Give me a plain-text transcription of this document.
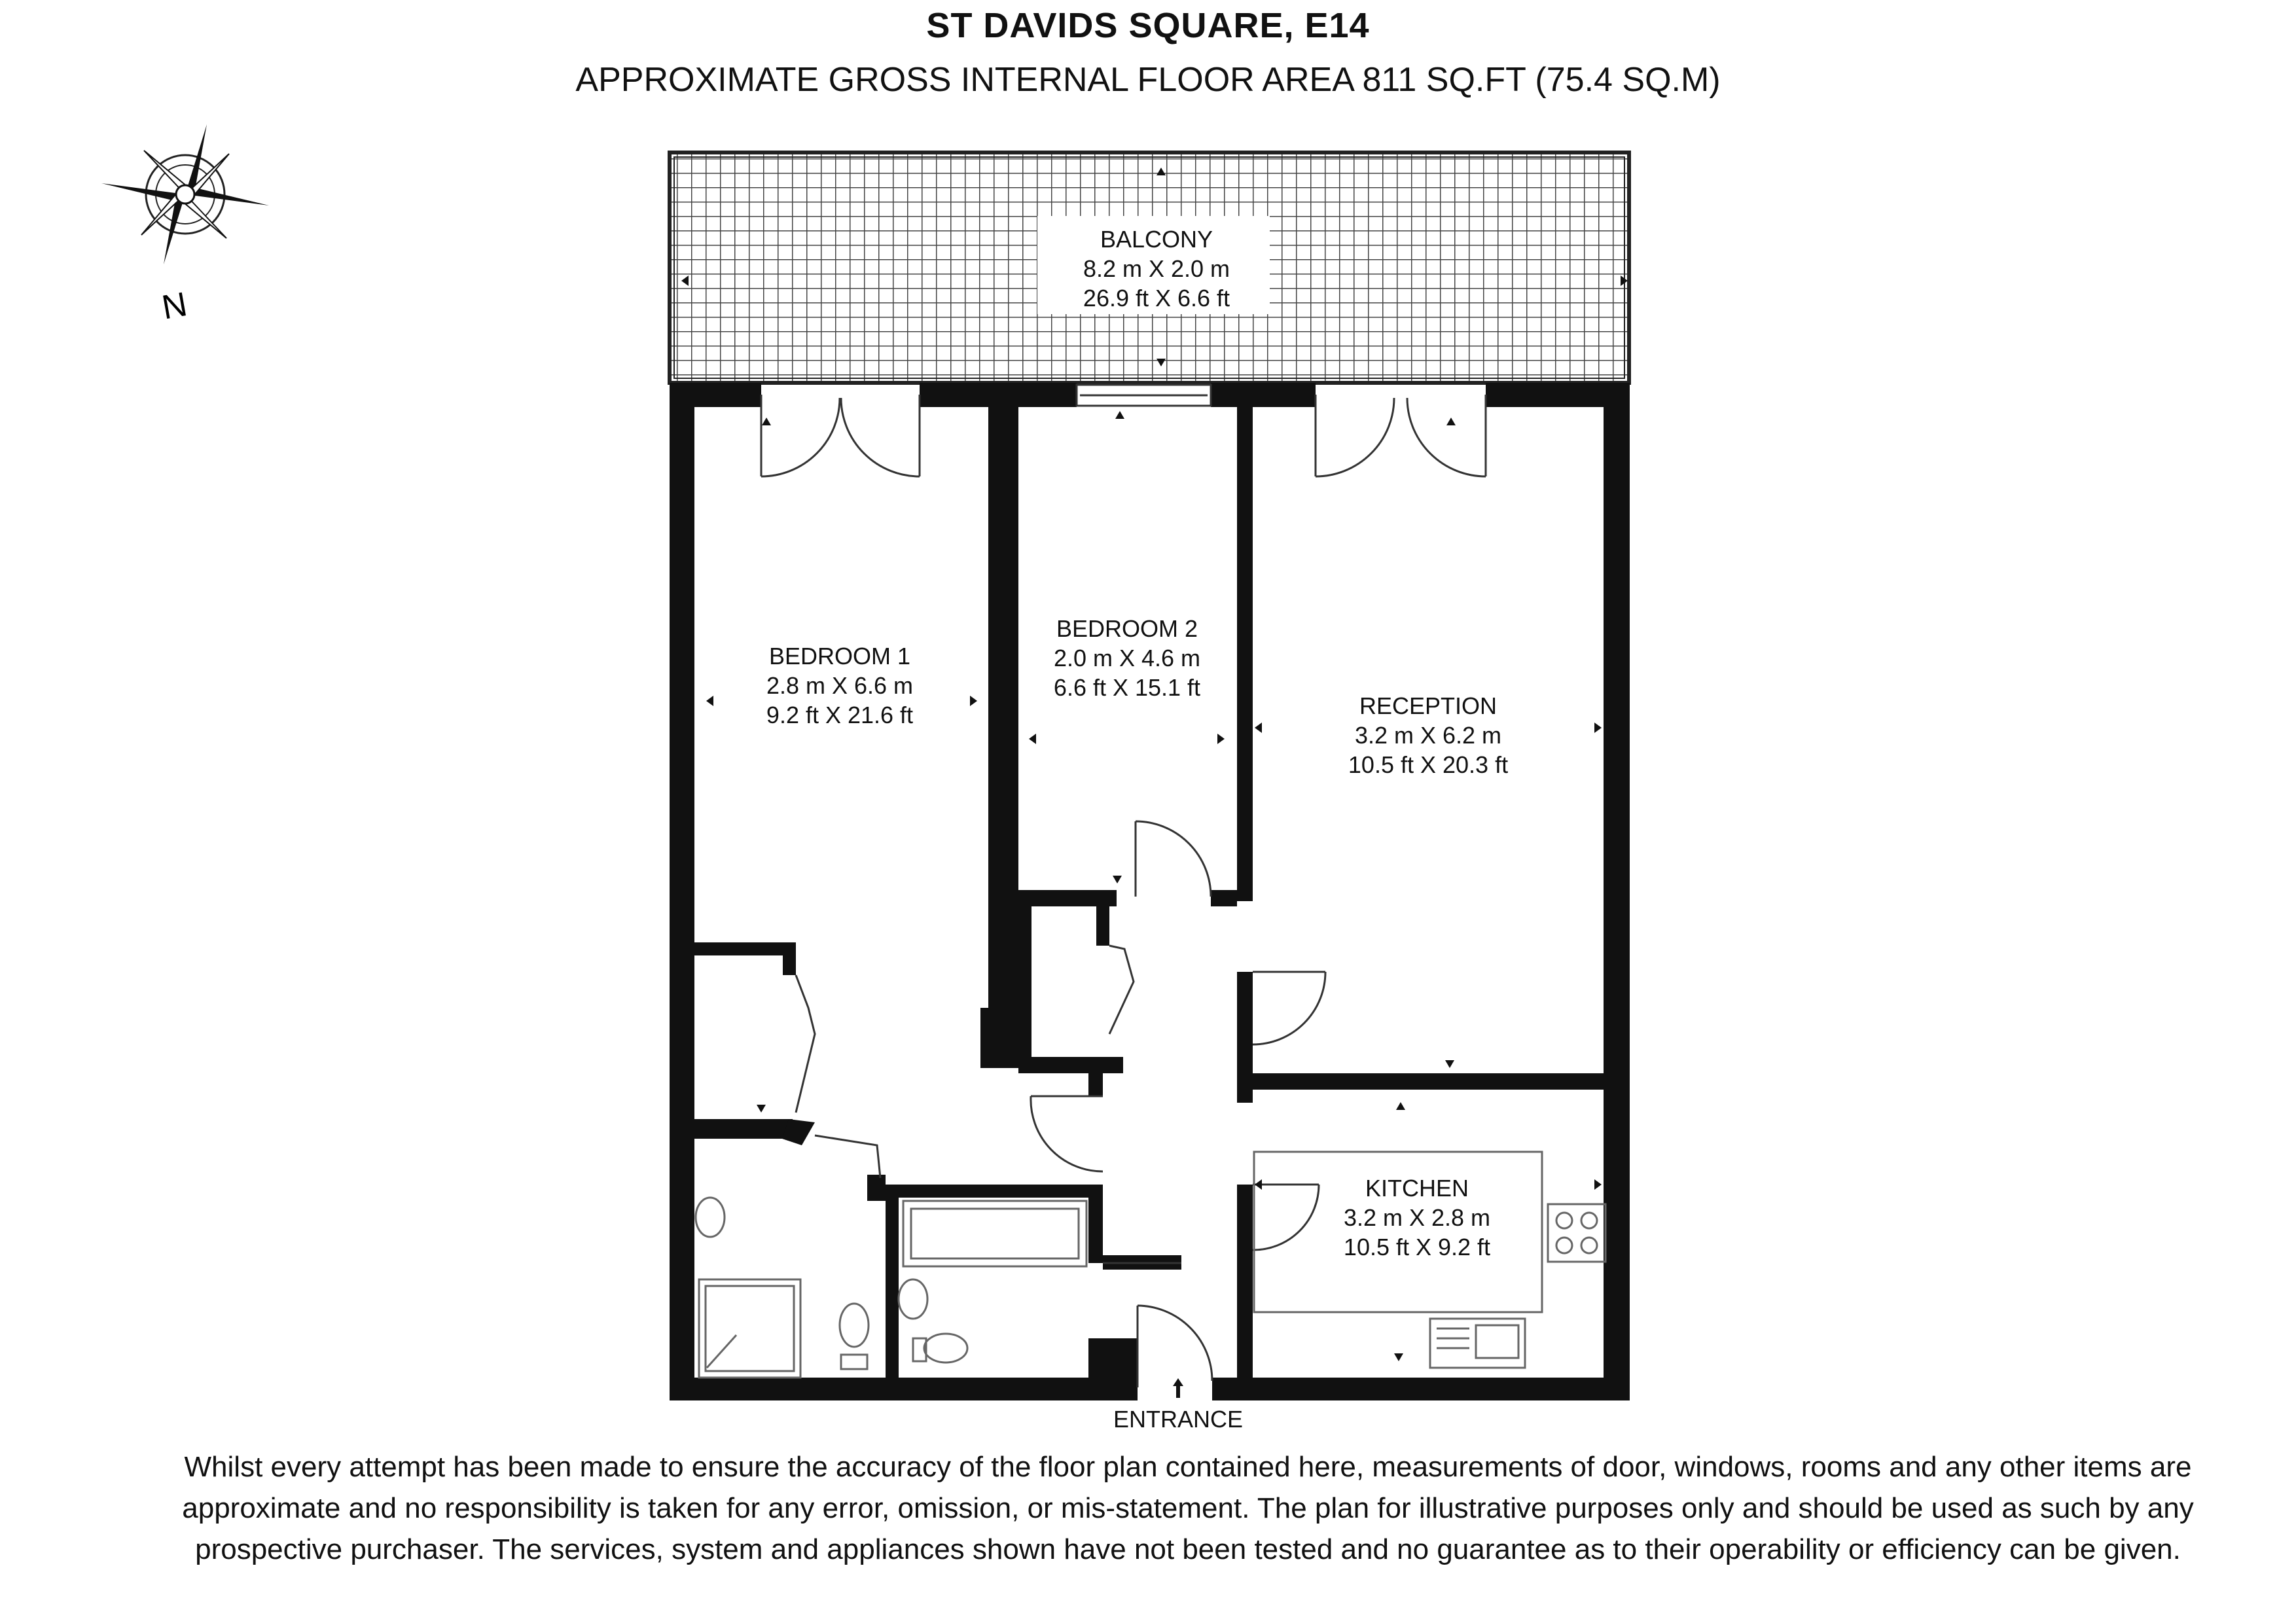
ST DAVIDS SQUARE, E14
APPROXIMATE GROSS INTERNAL FLOOR AREA 811 SQ.FT (75.4 SQ.M)
N
BALCONY
8.2 m X 2.0 m
26.9 ft X 6.6 ft
BEDROOM 1
2.8 m X 6.6 m
9.2 ft X 21.6 ft
BEDROOM 2
2.0 m X 4.6 m
6.6 ft X 15.1 ft
RECEPTION
3.2 m X 6.2 m
10.5 ft X 20.3 ft
KITCHEN
3.2 m X 2.8 m
10.5 ft X 9.2 ft
ENTRANCE
Whilst every attempt has been made to ensure the accuracy of the floor plan contained here, measurements of door, windows, rooms and any other items are approximate and no responsibility is taken for any error, omission, or mis-statement. The plan for illustrative purposes only and should be used as such by any prospective purchaser. The services, system and appliances shown have not been tested and no guarantee as to their operability or efficiency can be given.
